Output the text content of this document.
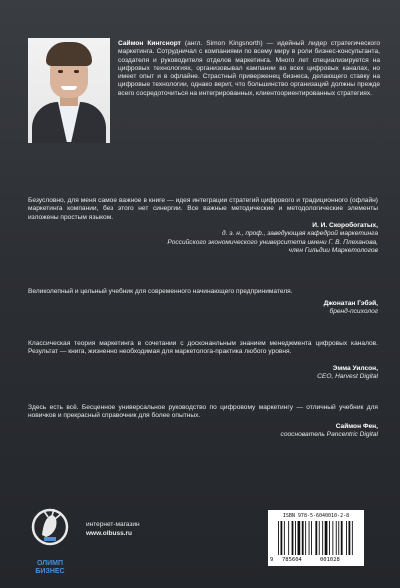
Саймон Кингснорт (англ. Simon Kingsnorth) — идейный лидер стратегического маркетинга. Сотрудничал с компаниями по всему миру в роли бизнес-консультанта, создателя и руководителя отделов маркетинга. Много лет специализируется на цифровых технологиях, организовывал кампании во всех цифровых каналах, но имеет опыт и в офлайне. Страстный приверженец бизнеса, делающего ставку на цифровые технологии, однако верит, что большинство организаций должны прежде всего сосредоточиться на интегрированных, клиентоориентированных стратегиях.

Безусловно, для меня самое важное в книге — идея интеграции стратегий цифрового и традиционного (офлайн) маркетинга компании, без этого нет синергии. Все важные методические и методологические элементы изложены простым языком.

И. И. Скоробогатых,
д. э. н., проф., заведующая кафедрой маркетинга
Российского экономического университета имени Г. В. Плеханова,
член Гильдии Маркетологов

Великолепный и цельный учебник для современного начинающего предпринимателя.

Джонатан Гэбэй,
бренд-психолог

Классическая теория маркетинга в сочетании с досконанльным знанием менеджмента цифровых каналов. Результат — книга, жизненно необходимая для маркетолога-практика любого уровня.

Эмма Уилсон,
CEO, Harvest Digital

Здесь есть всё. Бесценное универсальное руководство по цифровому маркетингу — отличный учебник для новичков и прекрасный справочник для более опытных.

Саймон Фен,
сооснователь Pancentric Digital
ОЛИМП
БИЗНЕС
интернет-магазин
www.olbuss.ru
ISBN 978-5-6040010-2-8
9 785604	001028
